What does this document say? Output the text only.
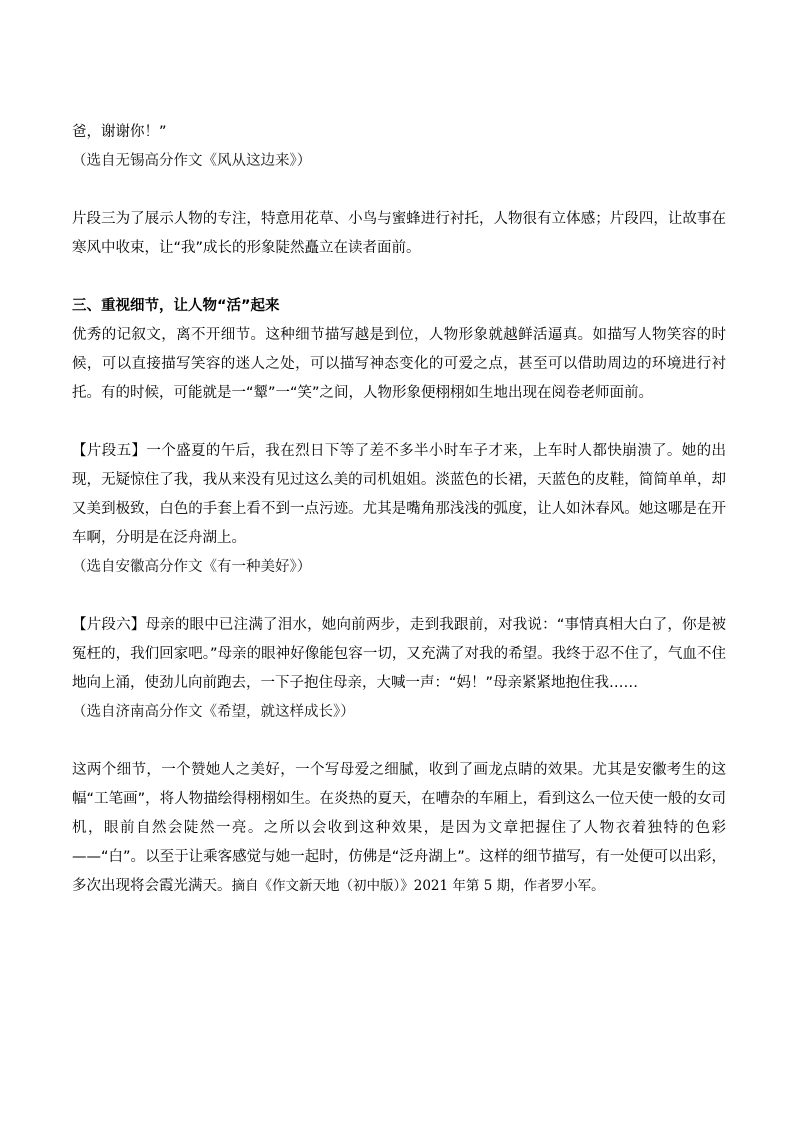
爸，谢谢你！”

（选自无锡高分作文《风从这边来》）

片段三为了展示人物的专注，特意用花草、小鸟与蜜蜂进行衬托，人物很有立体感；片段四，让故事在寒风中收束，让“我”成长的形象陡然矗立在读者面前。

三、重视细节，让人物“活”起来

优秀的记叙文，离不开细节。这种细节描写越是到位，人物形象就越鲜活逼真。如描写人物笑容的时候，可以直接描写笑容的迷人之处，可以描写神态变化的可爱之点，甚至可以借助周边的环境进行衬托。有的时候，可能就是一“颦”一“笑”之间，人物形象便栩栩如生地出现在阅卷老师面前。

【片段五】一个盛夏的午后，我在烈日下等了差不多半小时车子才来，上车时人都快崩溃了。她的出现，无疑惊住了我，我从来没有见过这么美的司机姐姐。淡蓝色的长裙，天蓝色的皮鞋，简简单单，却又美到极致，白色的手套上看不到一点污迹。尤其是嘴角那浅浅的弧度，让人如沐春风。她这哪是在开车啊，分明是在泛舟湖上。

（选自安徽高分作文《有一种美好》）

【片段六】母亲的眼中已注满了泪水，她向前两步，走到我跟前，对我说：“事情真相大白了，你是被冤枉的，我们回家吧。”母亲的眼神好像能包容一切，又充满了对我的希望。我终于忍不住了，气血不住地向上涌，使劲儿向前跑去，一下子抱住母亲，大喊一声：“妈！”母亲紧紧地抱住我……

（选自济南高分作文《希望，就这样成长》）

这两个细节，一个赞她人之美好，一个写母爱之细腻，收到了画龙点睛的效果。尤其是安徽考生的这幅“工笔画”，将人物描绘得栩栩如生。在炎热的夏天，在嘈杂的车厢上，看到这么一位天使一般的女司机，眼前自然会陡然一亮。之所以会收到这种效果，是因为文章把握住了人物衣着独特的色彩——“白”。以至于让乘客感觉与她一起时，仿佛是“泛舟湖上”。这样的细节描写，有一处便可以出彩，多次出现将会霞光满天。摘自《作文新天地（初中版）》2021 年第 5 期，作者罗小军。
